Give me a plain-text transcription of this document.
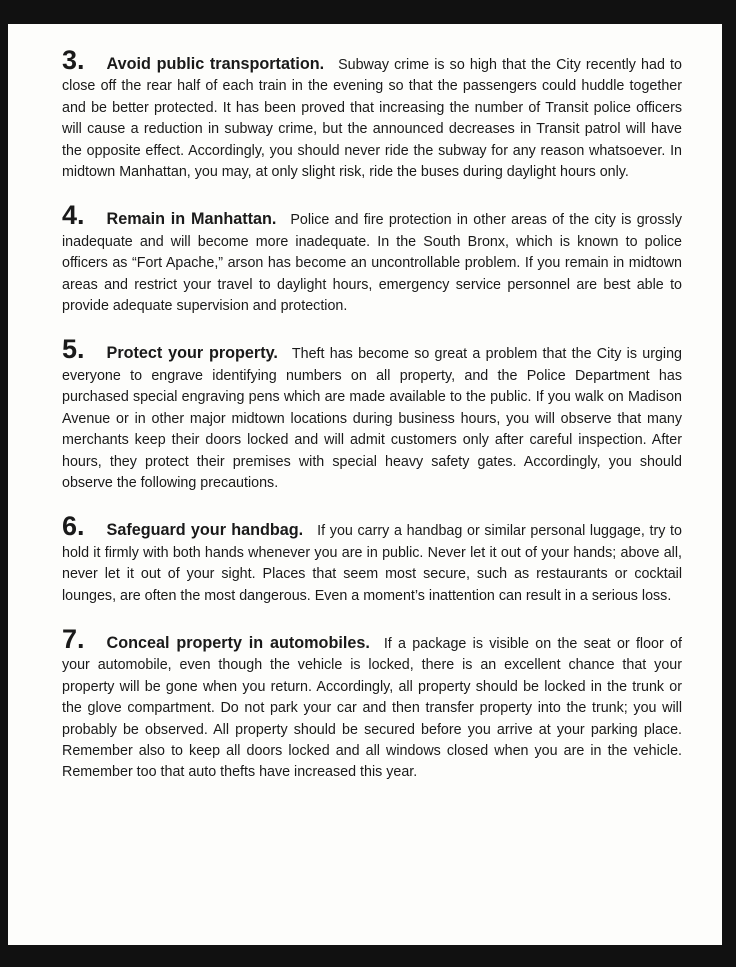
3. Avoid public transportation. Subway crime is so high that the City recently had to close off the rear half of each train in the evening so that the passengers could huddle together and be better protected. It has been proved that increasing the number of Transit police officers will cause a reduction in subway crime, but the announced decreases in Transit patrol will have the opposite effect. Accordingly, you should never ride the subway for any reason whatsoever. In midtown Manhattan, you may, at only slight risk, ride the buses during daylight hours only.

4. Remain in Manhattan. Police and fire protection in other areas of the city is grossly inadequate and will become more inadequate. In the South Bronx, which is known to police officers as “Fort Apache,” arson has become an uncontrollable problem. If you remain in midtown areas and restrict your travel to daylight hours, emergency service personnel are best able to provide adequate supervision and protection.

5. Protect your property. Theft has become so great a problem that the City is urging everyone to engrave identifying numbers on all property, and the Police Department has purchased special engraving pens which are made available to the public. If you walk on Madison Avenue or in other major midtown locations during business hours, you will observe that many merchants keep their doors locked and will admit customers only after careful inspection. After hours, they protect their premises with special heavy safety gates. Accordingly, you should observe the following precautions.

6. Safeguard your handbag. If you carry a handbag or similar personal luggage, try to hold it firmly with both hands whenever you are in public. Never let it out of your hands; above all, never let it out of your sight. Places that seem most secure, such as restaurants or cocktail lounges, are often the most dangerous. Even a moment’s inattention can result in a serious loss.

7. Conceal property in automobiles. If a package is visible on the seat or floor of your automobile, even though the vehicle is locked, there is an excellent chance that your property will be gone when you return. Accordingly, all property should be locked in the trunk or the glove compartment. Do not park your car and then transfer property into the trunk; you will probably be observed. All property should be secured before you arrive at your parking place. Remember also to keep all doors locked and all windows closed when you are in the vehicle. Remember too that auto thefts have increased this year.
